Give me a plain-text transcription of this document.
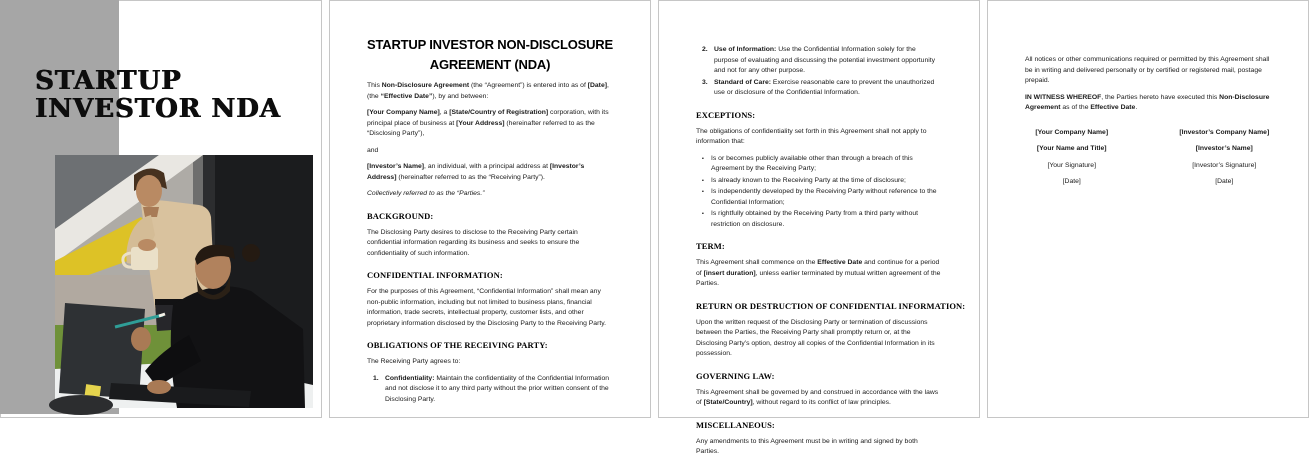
STARTUP
INVESTOR NDA
STARTUP INVESTOR NON-DISCLOSURE AGREEMENT (NDA)

This Non-Disclosure Agreement (the “Agreement”) is entered into as of [Date], (the “Effective Date”), by and between:

[Your Company Name], a [State/Country of Registration] corporation, with its principal place of business at [Your Address] (hereinafter referred to as the “Disclosing Party”),

and

[Investor’s Name], an individual, with a principal address at [Investor’s Address] (hereinafter referred to as the “Receiving Party”).

Collectively referred to as the “Parties.”

BACKGROUND:

The Disclosing Party desires to disclose to the Receiving Party certain confidential information regarding its business and seeks to ensure the confidentiality of such information.

CONFIDENTIAL INFORMATION:

For the purposes of this Agreement, “Confidential Information” shall mean any non-public information, including but not limited to business plans, financial information, trade secrets, intellectual property, customer lists, and other proprietary information disclosed by the Disclosing Party to the Receiving Party.

OBLIGATIONS OF THE RECEIVING PARTY:

The Receiving Party agrees to:

1. Confidentiality: Maintain the confidentiality of the Confidential Information and not disclose it to any third party without the prior written consent of the Disclosing Party.
2. Use of Information: Use the Confidential Information solely for the purpose of evaluating and discussing the potential investment opportunity and not for any other purpose.
3. Standard of Care: Exercise reasonable care to prevent the unauthorized use or disclosure of the Confidential Information.
EXCEPTIONS:

The obligations of confidentiality set forth in this Agreement shall not apply to information that:

▪	Is or becomes publicly available other than through a breach of this Agreement by the Receiving Party;
▪	Is already known to the Receiving Party at the time of disclosure;
▪	Is independently developed by the Receiving Party without reference to the Confidential Information;
▪	Is rightfully obtained by the Receiving Party from a third party without restriction on disclosure.
TERM:

This Agreement shall commence on the Effective Date and continue for a period of [insert duration], unless earlier terminated by mutual written agreement of the Parties.

RETURN OR DESTRUCTION OF CONFIDENTIAL INFORMATION:

Upon the written request of the Disclosing Party or termination of discussions between the Parties, the Receiving Party shall promptly return or, at the Disclosing Party’s option, destroy all copies of the Confidential Information in its possession.

GOVERNING LAW:

This Agreement shall be governed by and construed in accordance with the laws of [State/Country], without regard to its conflict of law principles.

MISCELLANEOUS:

Any amendments to this Agreement must be in writing and signed by both Parties.

All notices or other communications required or permitted by this Agreement shall be in writing and delivered personally or by certified or registered mail, postage prepaid.

IN WITNESS WHEREOF, the Parties hereto have executed this Non-Disclosure Agreement as of the Effective Date.

[Your Company Name]	[Investor’s Company Name]
[Your Name and Title]	[Investor’s Name]
[Your Signature]	[Investor’s Signature]
[Date]	[Date]
